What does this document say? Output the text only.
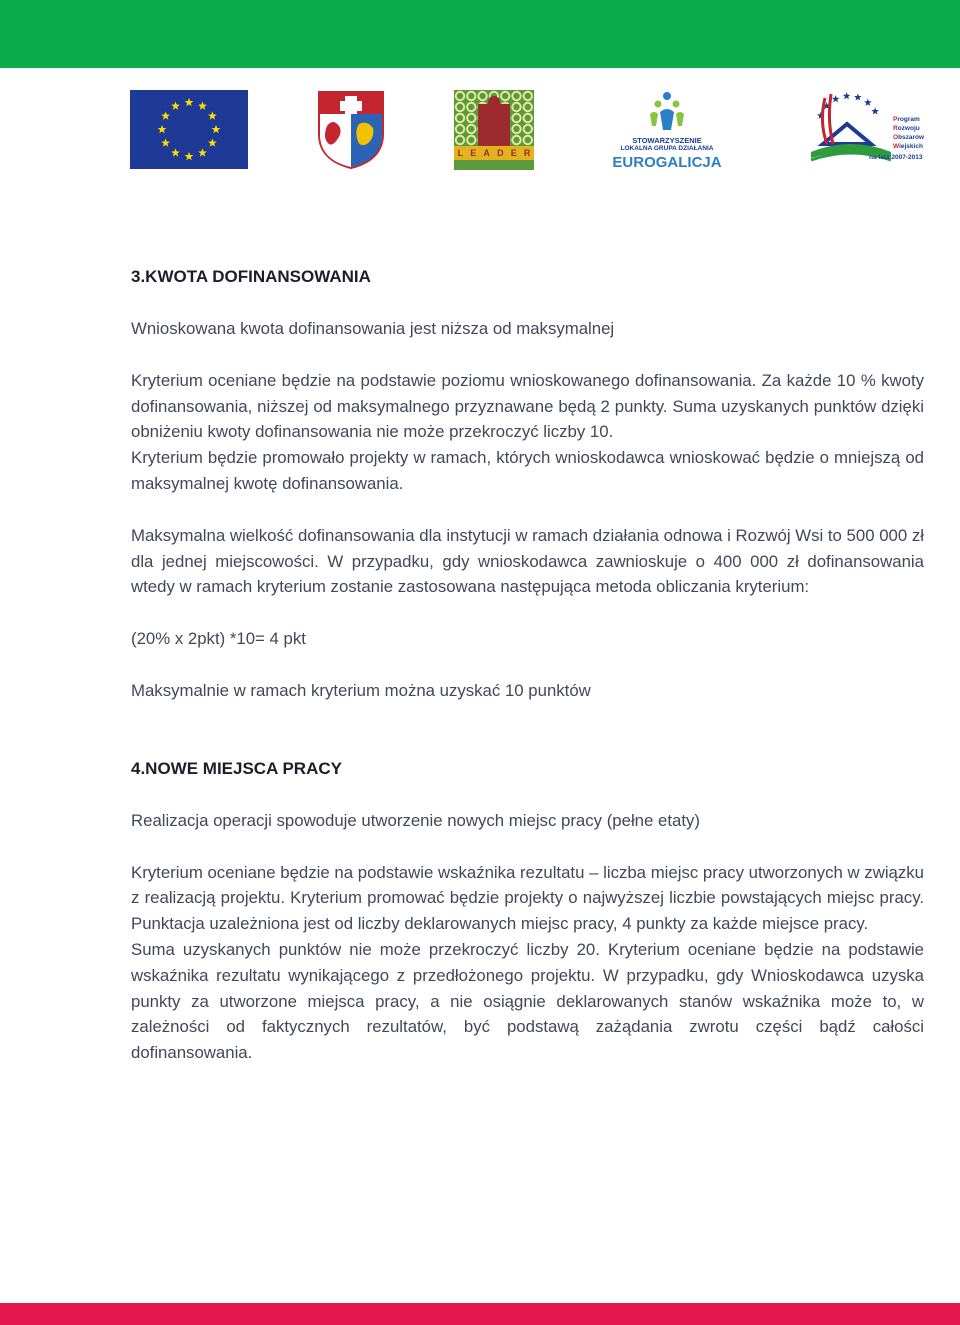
L E A D E R
STOWARZYSZENIE
LOKALNA GRUPA DZIAŁANIA
EUROGALICJA
Program
Rozwoju
Obszarów
Wiejskich
na lata 2007-2013
3.KWOTA DOFINANSOWANIA

Wnioskowana kwota dofinansowania jest niższa od maksymalnej

Kryterium oceniane będzie na podstawie poziomu wnioskowanego dofinansowania. Za każde 10 % kwoty dofinansowania, niższej od maksymalnego przyznawane będą 2 punkty. Suma uzyskanych punktów dzięki obniżeniu kwoty dofinansowania nie może przekroczyć liczby 10.

Kryterium będzie promowało projekty w ramach, których wnioskodawca wnioskować będzie o mniejszą od maksymalnej kwotę dofinansowania.

Maksymalna wielkość dofinansowania dla instytucji w ramach działania odnowa i Rozwój Wsi to 500 000 zł dla jednej miejscowości. W przypadku, gdy wnioskodawca zawnioskuje o 400 000 zł dofinansowania wtedy w ramach kryterium zostanie zastosowana następująca metoda obliczania kryterium:

(20% x 2pkt) *10= 4 pkt

Maksymalnie w ramach kryterium można uzyskać 10 punktów

4.NOWE MIEJSCA PRACY

Realizacja operacji spowoduje utworzenie nowych miejsc pracy (pełne etaty)

Kryterium oceniane będzie na podstawie wskaźnika rezultatu – liczba miejsc pracy utworzonych w związku z realizacją projektu. Kryterium promować będzie projekty o najwyższej liczbie powstających miejsc pracy. Punktacja uzależniona jest od liczby deklarowanych miejsc pracy, 4 punkty za każde miejsce pracy.

Suma uzyskanych punktów nie może przekroczyć liczby 20. Kryterium oceniane będzie na podstawie wskaźnika rezultatu wynikającego z przedłożonego projektu. W przypadku, gdy Wnioskodawca uzyska punkty za utworzone miejsca pracy, a nie osiągnie deklarowanych stanów wskaźnika może to, w zależności od faktycznych rezultatów, być podstawą zażądania zwrotu części bądź całości dofinansowania.
